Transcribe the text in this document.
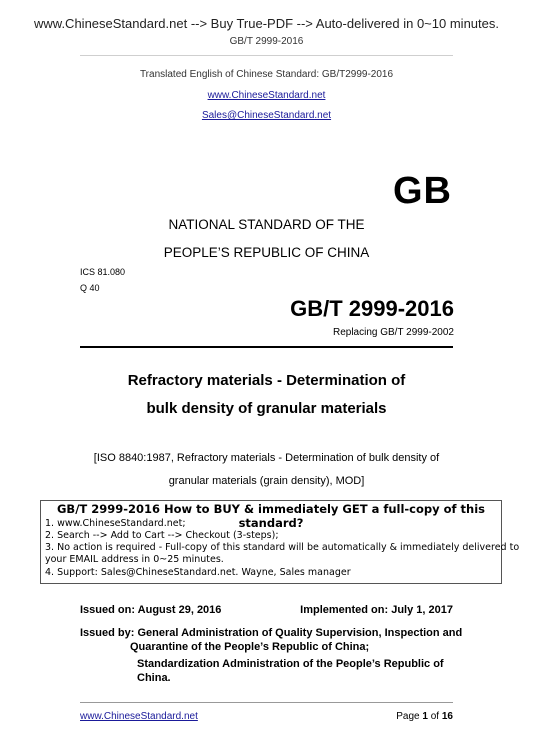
www.ChineseStandard.net --> Buy True-PDF --> Auto-delivered in 0~10 minutes.
GB/T 2999-2016
Translated English of Chinese Standard: GB/T2999-2016
www.ChineseStandard.net
Sales@ChineseStandard.net
GB
NATIONAL STANDARD OF THE
PEOPLE’S REPUBLIC OF CHINA
ICS 81.080
Q 40
GB/T 2999-2016
Replacing GB/T 2999-2002
Refractory materials - Determination of
bulk density of granular materials
[ISO 8840:1987, Refractory materials - Determination of bulk density of
granular materials (grain density), MOD]
GB/T 2999-2016 How to BUY & immediately GET a full-copy of this standard?
1. www.ChineseStandard.net;
2. Search --> Add to Cart --> Checkout (3-steps);
3. No action is required - Full-copy of this standard will be automatically & immediately delivered to
your EMAIL address in 0~25 minutes.
4. Support: Sales@ChineseStandard.net. Wayne, Sales manager
Issued on: August 29, 2016	Implemented on: July 1, 2017
Issued by: General Administration of Quality Supervision, Inspection and
Quarantine of the People’s Republic of China;
Standardization Administration of the People’s Republic of
China.
www.ChineseStandard.net	Page 1 of 16
